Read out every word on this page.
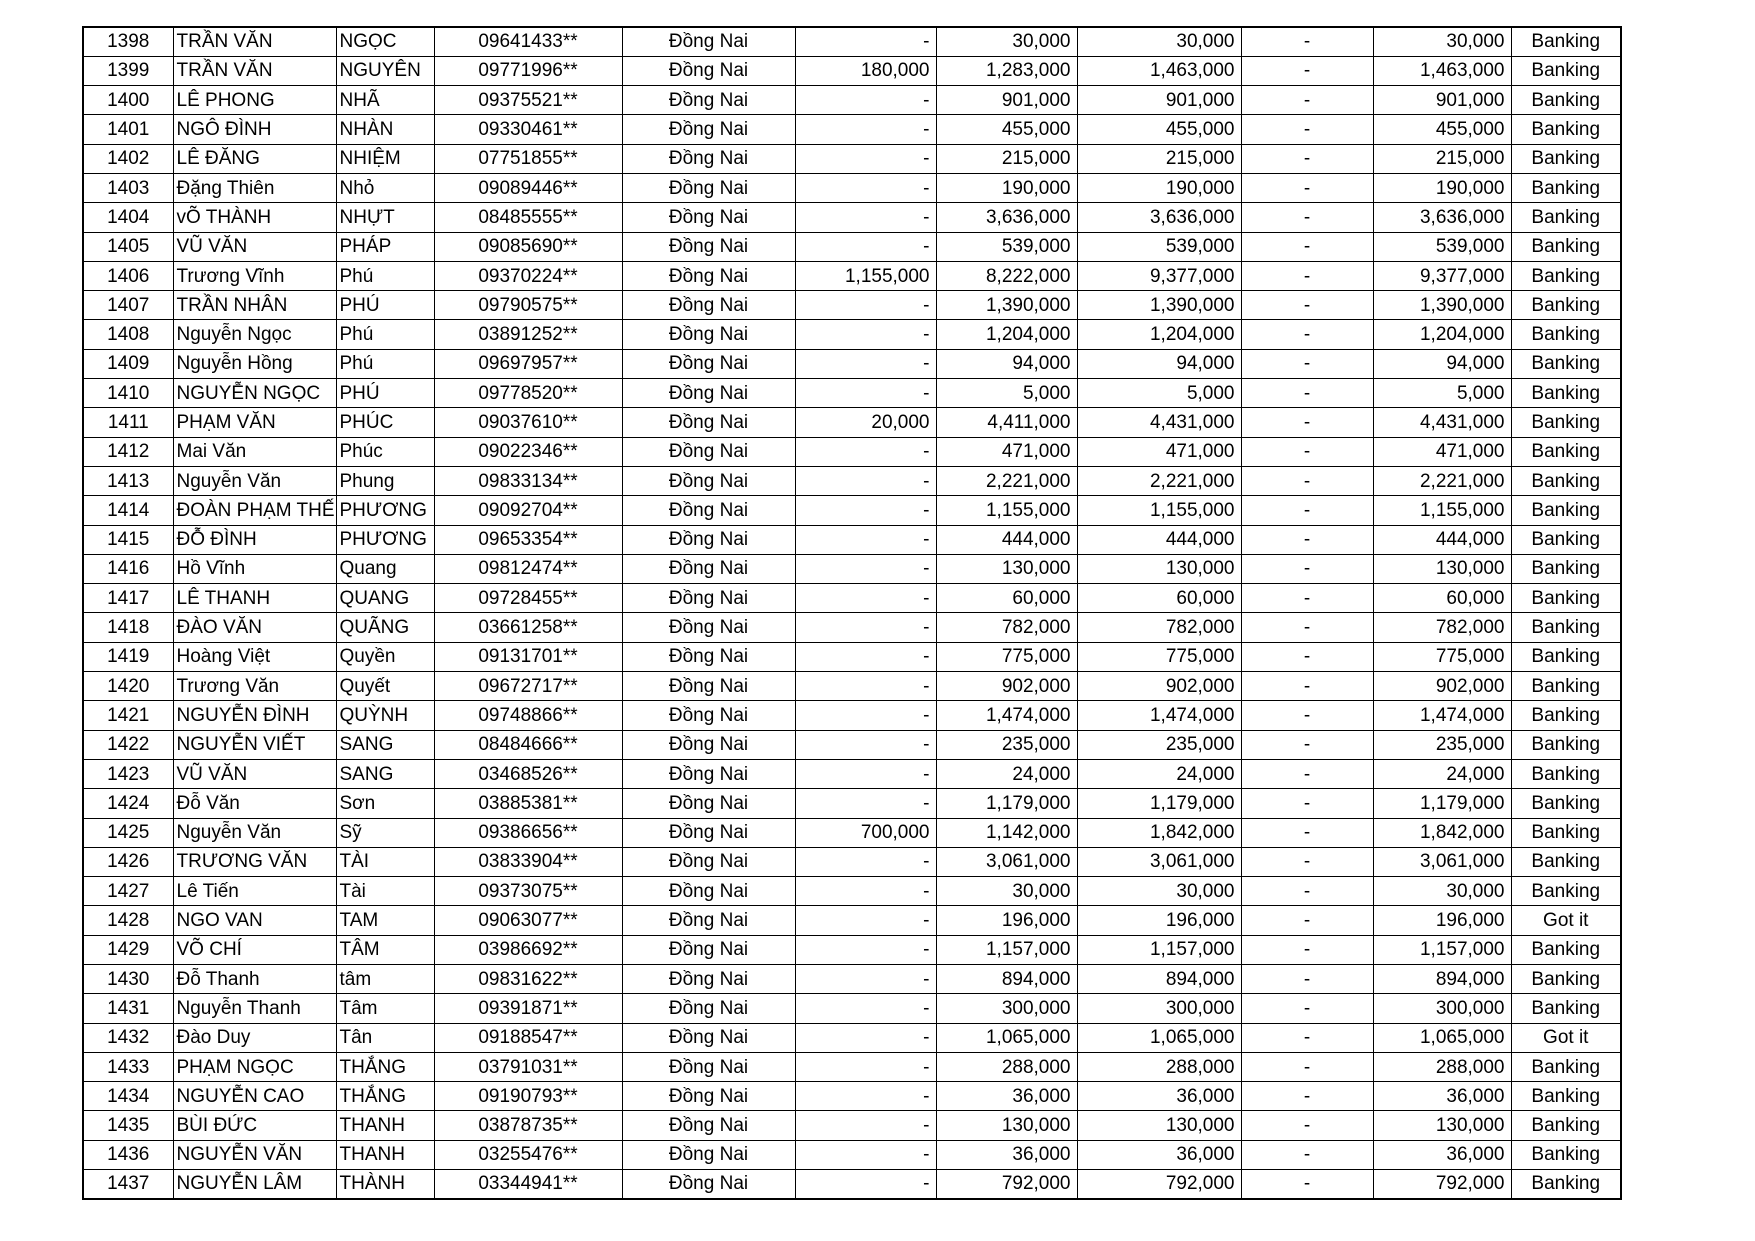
1398	TRẦN VĂN	NGỌC	09641433**	Đồng Nai	-	30,000	30,000	-	30,000	Banking
1399	TRẦN VĂN	NGUYÊN	09771996**	Đồng Nai	180,000	1,283,000	1,463,000	-	1,463,000	Banking
1400	LÊ PHONG	NHÃ	09375521**	Đồng Nai	-	901,000	901,000	-	901,000	Banking
1401	NGÔ ĐÌNH	NHÀN	09330461**	Đồng Nai	-	455,000	455,000	-	455,000	Banking
1402	LÊ ĐĂNG	NHIỆM	07751855**	Đồng Nai	-	215,000	215,000	-	215,000	Banking
1403	Đặng Thiên	Nhỏ	09089446**	Đồng Nai	-	190,000	190,000	-	190,000	Banking
1404	vÕ THÀNH	NHỰT	08485555**	Đồng Nai	-	3,636,000	3,636,000	-	3,636,000	Banking
1405	VŨ VĂN	PHÁP	09085690**	Đồng Nai	-	539,000	539,000	-	539,000	Banking
1406	Trương Vĩnh	Phú	09370224**	Đồng Nai	1,155,000	8,222,000	9,377,000	-	9,377,000	Banking
1407	TRẦN NHÂN	PHÚ	09790575**	Đồng Nai	-	1,390,000	1,390,000	-	1,390,000	Banking
1408	Nguyễn Ngọc	Phú	03891252**	Đồng Nai	-	1,204,000	1,204,000	-	1,204,000	Banking
1409	Nguyễn Hồng	Phú	09697957**	Đồng Nai	-	94,000	94,000	-	94,000	Banking
1410	NGUYỄN NGỌC	PHÚ	09778520**	Đồng Nai	-	5,000	5,000	-	5,000	Banking
1411	PHẠM VĂN	PHÚC	09037610**	Đồng Nai	20,000	4,411,000	4,431,000	-	4,431,000	Banking
1412	Mai Văn	Phúc	09022346**	Đồng Nai	-	471,000	471,000	-	471,000	Banking
1413	Nguyễn Văn	Phung	09833134**	Đồng Nai	-	2,221,000	2,221,000	-	2,221,000	Banking
1414	ĐOÀN PHẠM THẾ	PHƯƠNG	09092704**	Đồng Nai	-	1,155,000	1,155,000	-	1,155,000	Banking
1415	ĐỖ ĐÌNH	PHƯƠNG	09653354**	Đồng Nai	-	444,000	444,000	-	444,000	Banking
1416	Hồ Vĩnh	Quang	09812474**	Đồng Nai	-	130,000	130,000	-	130,000	Banking
1417	LÊ THANH	QUANG	09728455**	Đồng Nai	-	60,000	60,000	-	60,000	Banking
1418	ĐÀO VĂN	QUÃNG	03661258**	Đồng Nai	-	782,000	782,000	-	782,000	Banking
1419	Hoàng Việt	Quyền	09131701**	Đồng Nai	-	775,000	775,000	-	775,000	Banking
1420	Trương Văn	Quyết	09672717**	Đồng Nai	-	902,000	902,000	-	902,000	Banking
1421	NGUYỄN ĐÌNH	QUỲNH	09748866**	Đồng Nai	-	1,474,000	1,474,000	-	1,474,000	Banking
1422	NGUYỄN VIẾT	SANG	08484666**	Đồng Nai	-	235,000	235,000	-	235,000	Banking
1423	VŨ VĂN	SANG	03468526**	Đồng Nai	-	24,000	24,000	-	24,000	Banking
1424	Đỗ Văn	Sơn	03885381**	Đồng Nai	-	1,179,000	1,179,000	-	1,179,000	Banking
1425	Nguyễn Văn	Sỹ	09386656**	Đồng Nai	700,000	1,142,000	1,842,000	-	1,842,000	Banking
1426	TRƯƠNG VĂN	TÀI	03833904**	Đồng Nai	-	3,061,000	3,061,000	-	3,061,000	Banking
1427	Lê Tiến	Tài	09373075**	Đồng Nai	-	30,000	30,000	-	30,000	Banking
1428	NGO VAN	TAM	09063077**	Đồng Nai	-	196,000	196,000	-	196,000	Got it
1429	VÕ CHÍ	TÂM	03986692**	Đồng Nai	-	1,157,000	1,157,000	-	1,157,000	Banking
1430	Đỗ Thanh	tâm	09831622**	Đồng Nai	-	894,000	894,000	-	894,000	Banking
1431	Nguyễn Thanh	Tâm	09391871**	Đồng Nai	-	300,000	300,000	-	300,000	Banking
1432	Đào Duy	Tân	09188547**	Đồng Nai	-	1,065,000	1,065,000	-	1,065,000	Got it
1433	PHẠM NGỌC	THẮNG	03791031**	Đồng Nai	-	288,000	288,000	-	288,000	Banking
1434	NGUYỄN CAO	THẮNG	09190793**	Đồng Nai	-	36,000	36,000	-	36,000	Banking
1435	BÙI ĐỨC	THANH	03878735**	Đồng Nai	-	130,000	130,000	-	130,000	Banking
1436	NGUYỄN VĂN	THANH	03255476**	Đồng Nai	-	36,000	36,000	-	36,000	Banking
1437	NGUYỄN LÂM	THÀNH	03344941**	Đồng Nai	-	792,000	792,000	-	792,000	Banking
